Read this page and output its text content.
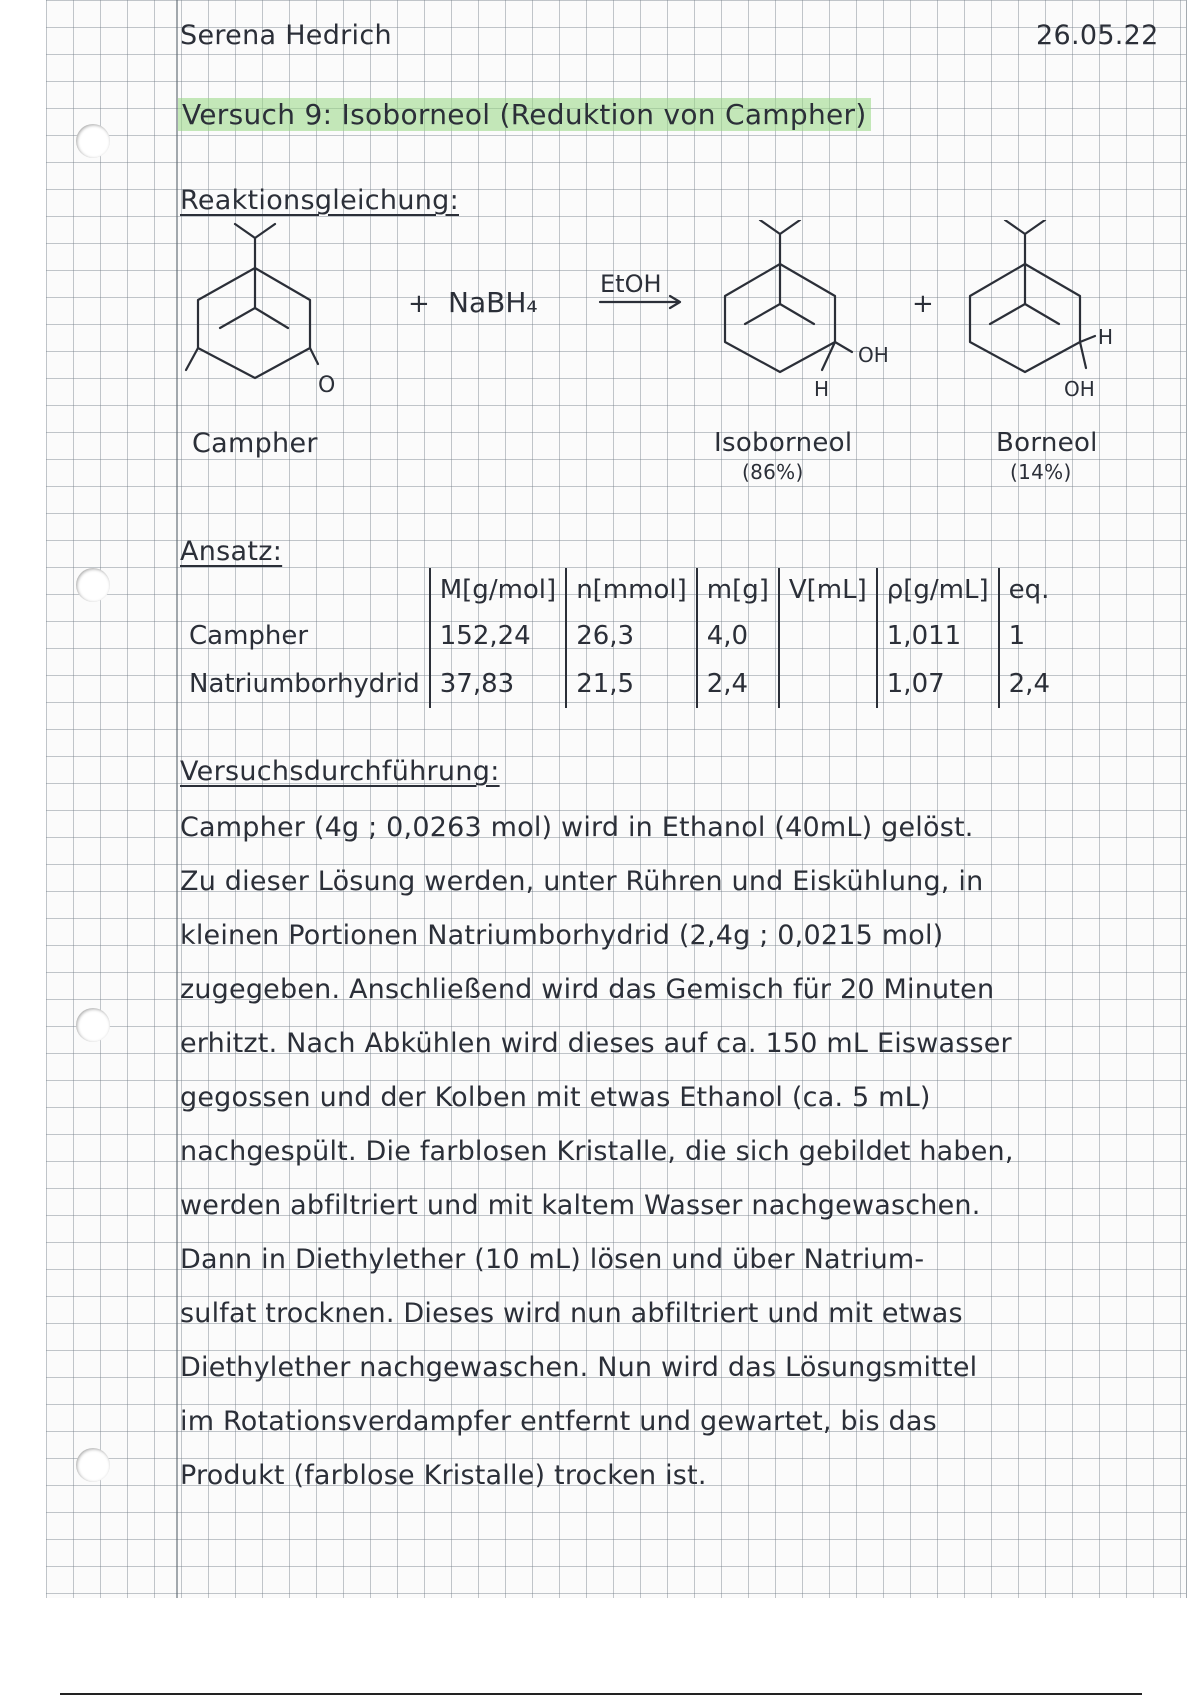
Serena Hedrich	26.05.22
Versuch 9: Isoborneol (Reduktion von Campher)
Reaktionsgleichung:
O
+ NaBH₄
EtOH
OH
H
+
H
OH
Campher	Isoborneol
(86%)
Borneol
(14%)
Ansatz:
	M[g/mol]	n[mmol]	m[g]	V[mL]	ρ[g/mL]	eq.
Campher	152,24	26,3	4,0		1,011	1
Natriumborhydrid	37,83	21,5	2,4		1,07	2,4
Versuchsdurchführung:
Campher (4g ; 0,0263 mol) wird in Ethanol (40mL) gelöst.
Zu dieser Lösung werden, unter Rühren und Eiskühlung, in
kleinen Portionen Natriumborhydrid (2,4g ; 0,0215 mol)
zugegeben. Anschließend wird das Gemisch für 20 Minuten
erhitzt. Nach Abkühlen wird dieses auf ca. 150 mL Eiswasser
gegossen und der Kolben mit etwas Ethanol (ca. 5 mL)
nachgespült. Die farblosen Kristalle, die sich gebildet haben,
werden abfiltriert und mit kaltem Wasser nachgewaschen.
Dann in Diethylether (10 mL) lösen und über Natrium-
sulfat trocknen. Dieses wird nun abfiltriert und mit etwas
Diethylether nachgewaschen. Nun wird das Lösungsmittel
im Rotationsverdampfer entfernt und gewartet, bis das
Produkt (farblose Kristalle) trocken ist.
